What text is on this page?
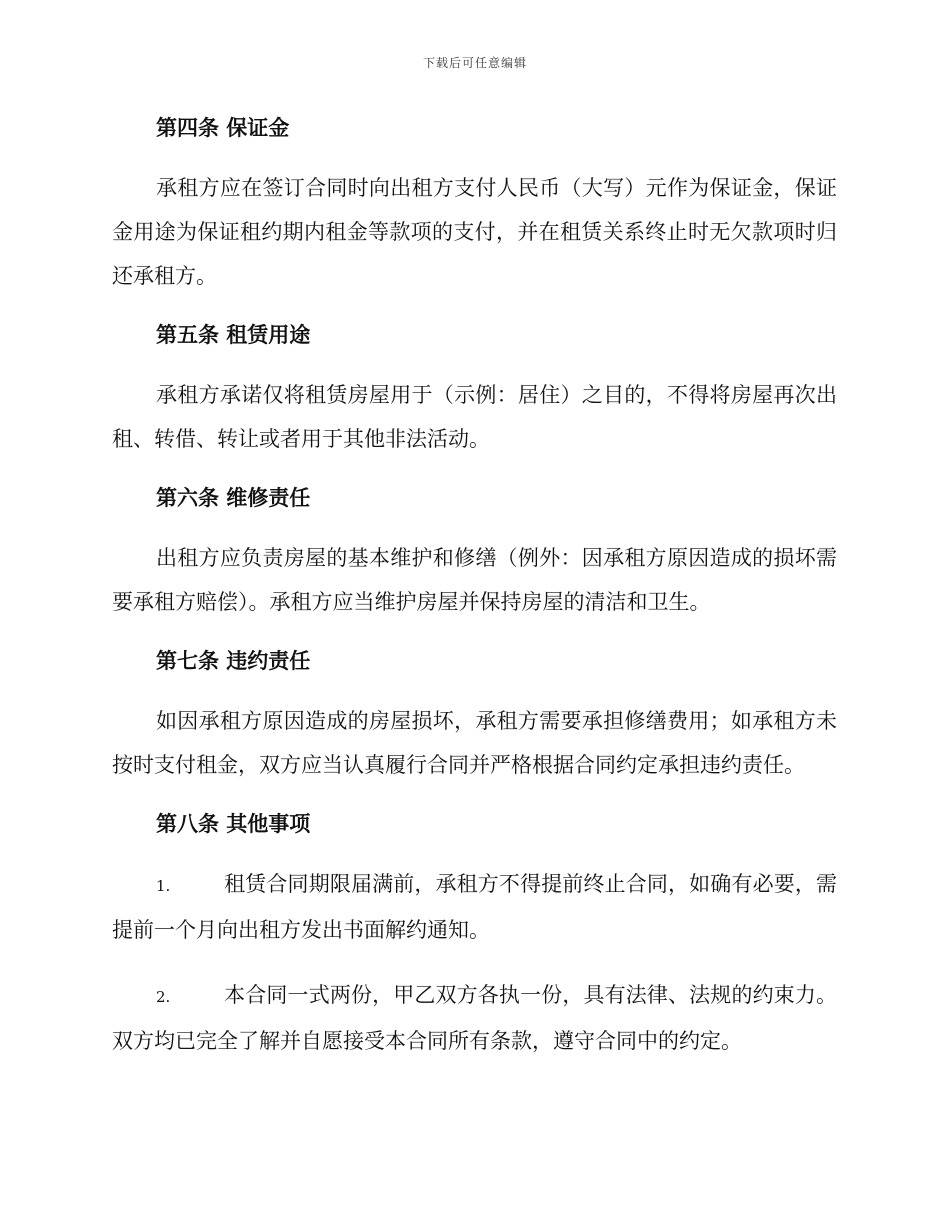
下载后可任意编辑
第四条 保证金

承租方应在签订合同时向出租方支付人民币（大写）元作为保证金，保证金用途为保证租约期内租金等款项的支付，并在租赁关系终止时无欠款项时归还承租方。

第五条 租赁用途

承租方承诺仅将租赁房屋用于（示例：居住）之目的，不得将房屋再次出租、转借、转让或者用于其他非法活动。

第六条 维修责任

出租方应负责房屋的基本维护和修缮（例外：因承租方原因造成的损坏需要承租方赔偿）。承租方应当维护房屋并保持房屋的清洁和卫生。

第七条 违约责任

如因承租方原因造成的房屋损坏，承租方需要承担修缮费用；如承租方未按时支付租金，双方应当认真履行合同并严格根据合同约定承担违约责任。

第八条 其他事项

1.	租赁合同期限届满前，承租方不得提前终止合同，如确有必要，需提前一个月向出租方发出书面解约通知。

2.	本合同一式两份，甲乙双方各执一份，具有法律、法规的约束力。双方均已完全了解并自愿接受本合同所有条款，遵守合同中的约定。
